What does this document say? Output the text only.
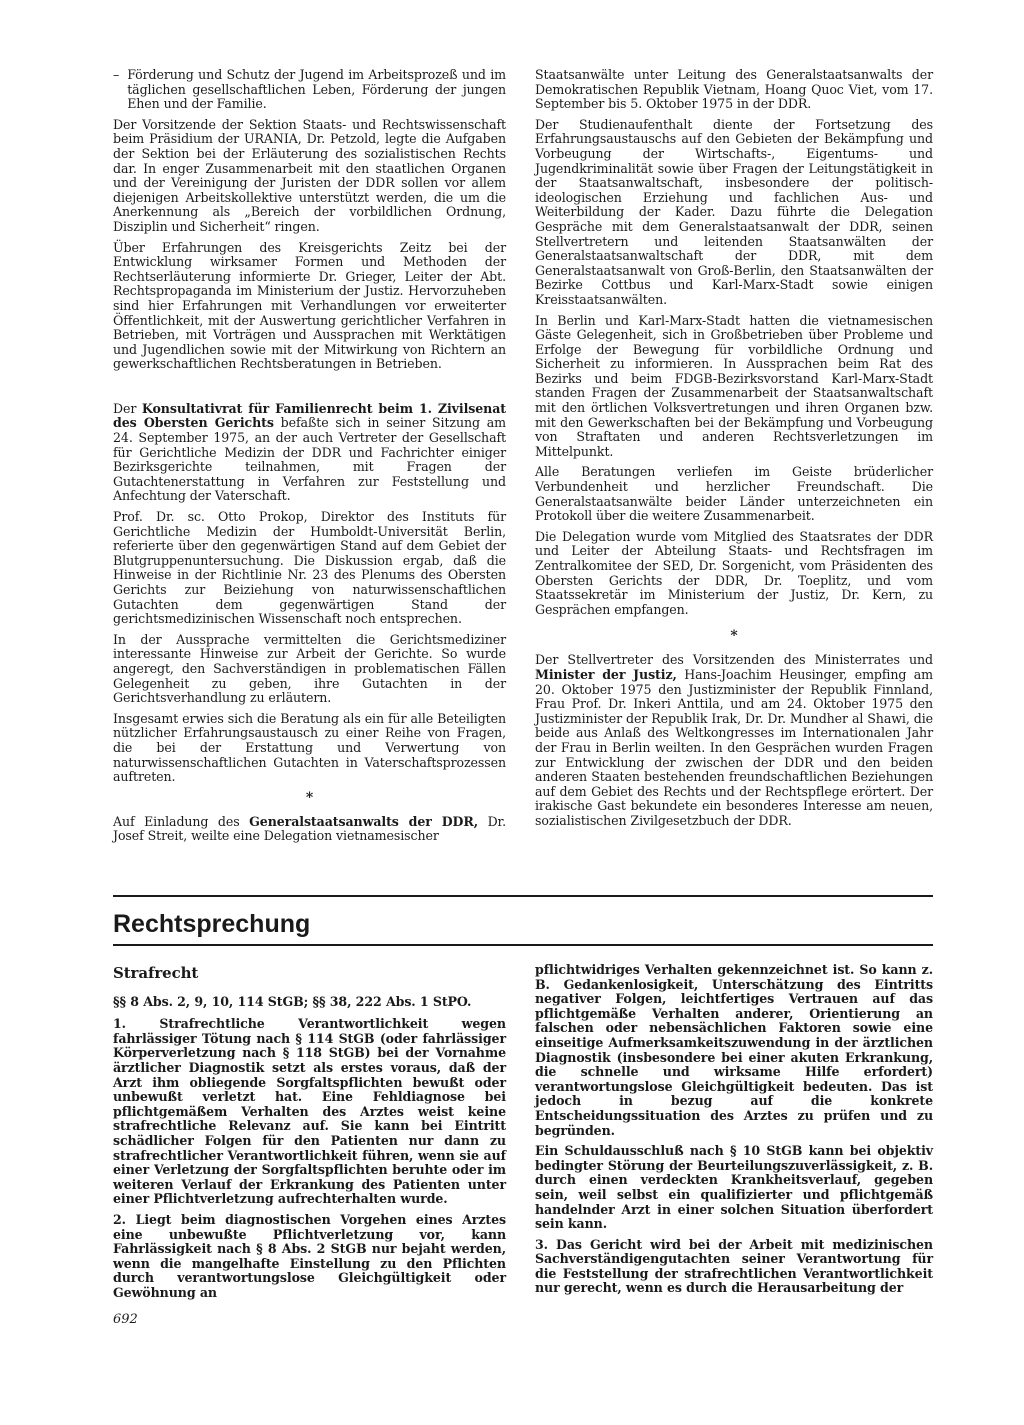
– Förderung und Schutz der Jugend im Arbeitsprozeß und im täglichen gesellschaftlichen Leben, Förderung der jungen Ehen und der Familie.

Der Vorsitzende der Sektion Staats- und Rechtswissenschaft beim Präsidium der URANIA, Dr. Petzold, legte die Aufgaben der Sektion bei der Erläuterung des sozialistischen Rechts dar. In enger Zusammenarbeit mit den staatlichen Organen und der Vereinigung der Juristen der DDR sollen vor allem diejenigen Arbeitskollektive unterstützt werden, die um die Anerkennung als „Bereich der vorbildlichen Ordnung, Disziplin und Sicherheit“ ringen.

Über Erfahrungen des Kreisgerichts Zeitz bei der Entwicklung wirksamer Formen und Methoden der Rechtserläuterung informierte Dr. Grieger, Leiter der Abt. Rechtspropaganda im Ministerium der Justiz. Hervorzuheben sind hier Erfahrungen mit Verhandlungen vor erweiterter Öffentlichkeit, mit der Auswertung gerichtlicher Verfahren in Betrieben, mit Vorträgen und Aussprachen mit Werktätigen und Jugendlichen sowie mit der Mitwirkung von Richtern an gewerkschaftlichen Rechtsberatungen in Betrieben.

Der Konsultativrat für Familienrecht beim 1. Zivilsenat des Obersten Gerichts befaßte sich in seiner Sitzung am 24. September 1975, an der auch Vertreter der Gesellschaft für Gerichtliche Medizin der DDR und Fachrichter einiger Bezirksgerichte teilnahmen, mit Fragen der Gutachtenerstattung in Verfahren zur Feststellung und Anfechtung der Vaterschaft.

Prof. Dr. sc. Otto Prokop, Direktor des Instituts für Gerichtliche Medizin der Humboldt-Universität Berlin, referierte über den gegenwärtigen Stand auf dem Gebiet der Blutgruppenuntersuchung. Die Diskussion ergab, daß die Hinweise in der Richtlinie Nr. 23 des Plenums des Obersten Gerichts zur Beiziehung von naturwissenschaftlichen Gutachten dem gegenwärtigen Stand der gerichtsmedizinischen Wissenschaft noch entsprechen.

In der Aussprache vermittelten die Gerichtsmediziner interessante Hinweise zur Arbeit der Gerichte. So wurde angeregt, den Sachverständigen in problematischen Fällen Gelegenheit zu geben, ihre Gutachten in der Gerichtsverhandlung zu erläutern.

Insgesamt erwies sich die Beratung als ein für alle Beteiligten nützlicher Erfahrungsaustausch zu einer Reihe von Fragen, die bei der Erstattung und Verwertung von naturwissenschaftlichen Gutachten in Vaterschaftsprozessen auftreten.

*

Auf Einladung des Generalstaatsanwalts der DDR, Dr. Josef Streit, weilte eine Delegation vietnamesischer

Staatsanwälte unter Leitung des Generalstaatsanwalts der Demokratischen Republik Vietnam, Hoang Quoc Viet, vom 17. September bis 5. Oktober 1975 in der DDR.

Der Studienaufenthalt diente der Fortsetzung des Erfahrungsaustauschs auf den Gebieten der Bekämpfung und Vorbeugung der Wirtschafts-, Eigentums- und Jugendkriminalität sowie über Fragen der Leitungstätigkeit in der Staatsanwaltschaft, insbesondere der politisch-ideologischen Erziehung und fachlichen Aus- und Weiterbildung der Kader. Dazu führte die Delegation Gespräche mit dem Generalstaatsanwalt der DDR, seinen Stellvertretern und leitenden Staatsanwälten der Generalstaatsanwaltschaft der DDR, mit dem Generalstaatsanwalt von Groß-Berlin, den Staatsanwälten der Bezirke Cottbus und Karl-Marx-Stadt sowie einigen Kreisstaatsanwälten.

In Berlin und Karl-Marx-Stadt hatten die vietnamesischen Gäste Gelegenheit, sich in Großbetrieben über Probleme und Erfolge der Bewegung für vorbildliche Ordnung und Sicherheit zu informieren. In Aussprachen beim Rat des Bezirks und beim FDGB-Bezirksvorstand Karl-Marx-Stadt standen Fragen der Zusammenarbeit der Staatsanwaltschaft mit den örtlichen Volksvertretungen und ihren Organen bzw. mit den Gewerkschaften bei der Bekämpfung und Vorbeugung von Straftaten und anderen Rechtsverletzungen im Mittelpunkt.

Alle Beratungen verliefen im Geiste brüderlicher Verbundenheit und herzlicher Freundschaft. Die Generalstaatsanwälte beider Länder unterzeichneten ein Protokoll über die weitere Zusammenarbeit.

Die Delegation wurde vom Mitglied des Staatsrates der DDR und Leiter der Abteilung Staats- und Rechtsfragen im Zentralkomitee der SED, Dr. Sorgenicht, vom Präsidenten des Obersten Gerichts der DDR, Dr. Toeplitz, und vom Staatssekretär im Ministerium der Justiz, Dr. Kern, zu Gesprächen empfangen.

*

Der Stellvertreter des Vorsitzenden des Ministerrates und Minister der Justiz, Hans-Joachim Heusinger, empfing am 20. Oktober 1975 den Justizminister der Republik Finnland, Frau Prof. Dr. Inkeri Anttila, und am 24. Oktober 1975 den Justizminister der Republik Irak, Dr. Dr. Mundher al Shawi, die beide aus Anlaß des Weltkongresses im Internationalen Jahr der Frau in Berlin weilten. In den Gesprächen wurden Fragen zur Entwicklung der zwischen der DDR und den beiden anderen Staaten bestehenden freundschaftlichen Beziehungen auf dem Gebiet des Rechts und der Rechtspflege erörtert. Der irakische Gast bekundete ein besonderes Interesse am neuen, sozialistischen Zivilgesetzbuch der DDR.

Rechtsprechung
Strafrecht

§§ 8 Abs. 2, 9, 10, 114 StGB; §§ 38, 222 Abs. 1 StPO.

1. Strafrechtliche Verantwortlichkeit wegen fahrlässiger Tötung nach § 114 StGB (oder fahrlässiger Körperverletzung nach § 118 StGB) bei der Vornahme ärztlicher Diagnostik setzt als erstes voraus, daß der Arzt ihm obliegende Sorgfaltspflichten bewußt oder unbewußt verletzt hat. Eine Fehldiagnose bei pflichtgemäßem Verhalten des Arztes weist keine strafrechtliche Relevanz auf. Sie kann bei Eintritt schädlicher Folgen für den Patienten nur dann zu strafrechtlicher Verantwortlichkeit führen, wenn sie auf einer Verletzung der Sorgfaltspflichten beruhte oder im weiteren Verlauf der Erkrankung des Patienten unter einer Pflichtverletzung aufrechterhalten wurde.

2. Liegt beim diagnostischen Vorgehen eines Arztes eine unbewußte Pflichtverletzung vor, kann Fahrlässigkeit nach § 8 Abs. 2 StGB nur bejaht werden, wenn die mangelhafte Einstellung zu den Pflichten durch verantwortungslose Gleichgültigkeit oder Gewöhnung an

pflichtwidriges Verhalten gekennzeichnet ist. So kann z. B. Gedankenlosigkeit, Unterschätzung des Eintritts negativer Folgen, leichtfertiges Vertrauen auf das pflichtgemäße Verhalten anderer, Orientierung an falschen oder nebensächlichen Faktoren sowie eine einseitige Aufmerksamkeitszuwendung in der ärztlichen Diagnostik (insbesondere bei einer akuten Erkrankung, die schnelle und wirksame Hilfe erfordert) verantwortungslose Gleichgültigkeit bedeuten. Das ist jedoch in bezug auf die konkrete Entscheidungssituation des Arztes zu prüfen und zu begründen.

Ein Schuldausschluß nach § 10 StGB kann bei objektiv bedingter Störung der Beurteilungszuverlässigkeit, z. B. durch einen verdeckten Krankheitsverlauf, gegeben sein, weil selbst ein qualifizierter und pflichtgemäß handelnder Arzt in einer solchen Situation überfordert sein kann.

3. Das Gericht wird bei der Arbeit mit medizinischen Sachverständigengutachten seiner Verantwortung für die Feststellung der strafrechtlichen Verantwortlichkeit nur gerecht, wenn es durch die Herausarbeitung der

692
